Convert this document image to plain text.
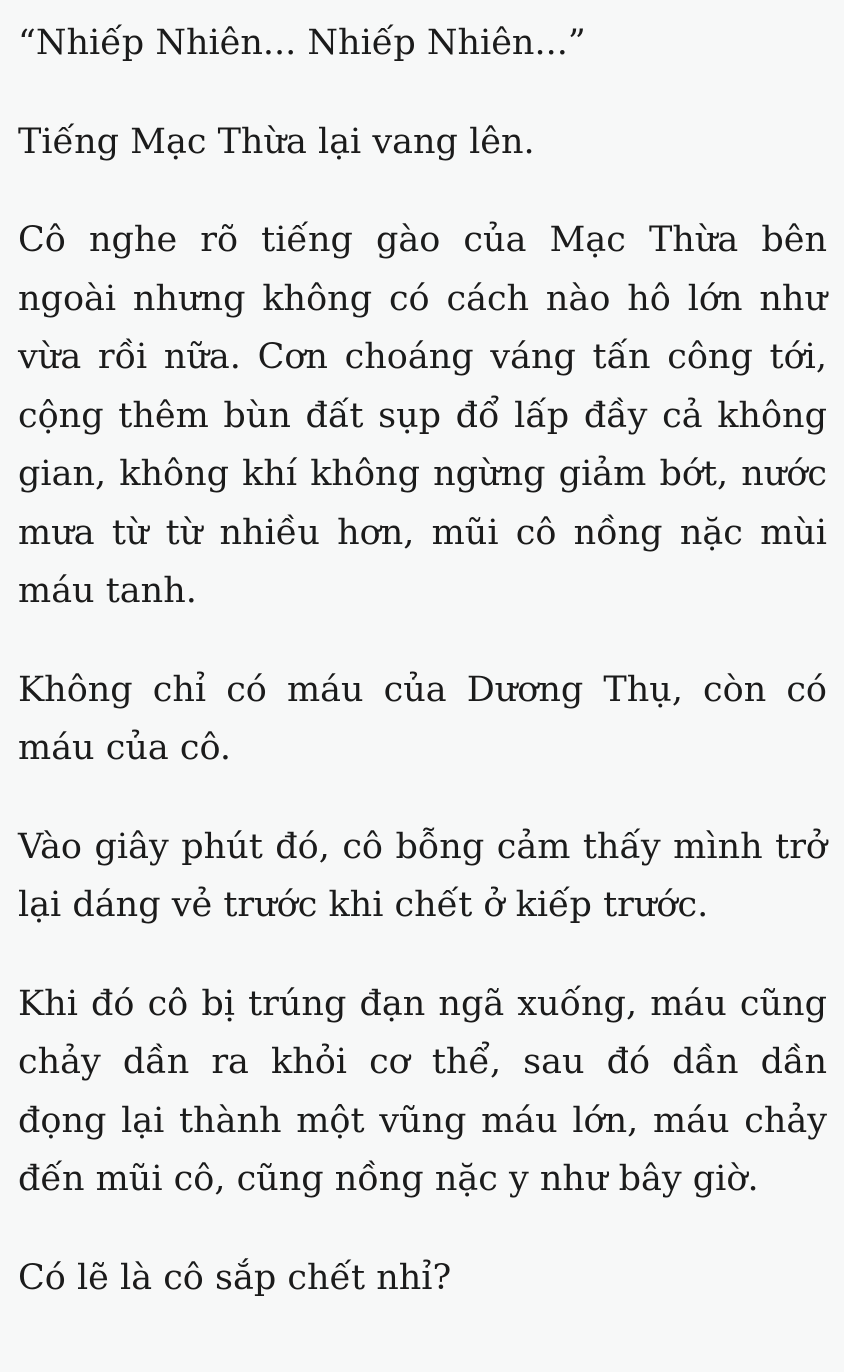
“Nhiếp Nhiên... Nhiếp Nhiên...”

Tiếng Mạc Thừa lại vang lên.

Cô nghe rõ tiếng gào của Mạc Thừa bên ngoài nhưng không có cách nào hô lớn như vừa rồi nữa. Cơn choáng váng tấn công tới, cộng thêm bùn đất sụp đổ lấp đầy cả không gian, không khí không ngừng giảm bớt, nước mưa từ từ nhiều hơn, mũi cô nồng nặc mùi máu tanh.

Không chỉ có máu của Dương Thụ, còn có máu của cô.

Vào giây phút đó, cô bỗng cảm thấy mình trở lại dáng vẻ trước khi chết ở kiếp trước.

Khi đó cô bị trúng đạn ngã xuống, máu cũng chảy dần ra khỏi cơ thể, sau đó dần dần đọng lại thành một vũng máu lớn, máu chảy đến mũi cô, cũng nồng nặc y như bây giờ.

Có lẽ là cô sắp chết nhỉ?
